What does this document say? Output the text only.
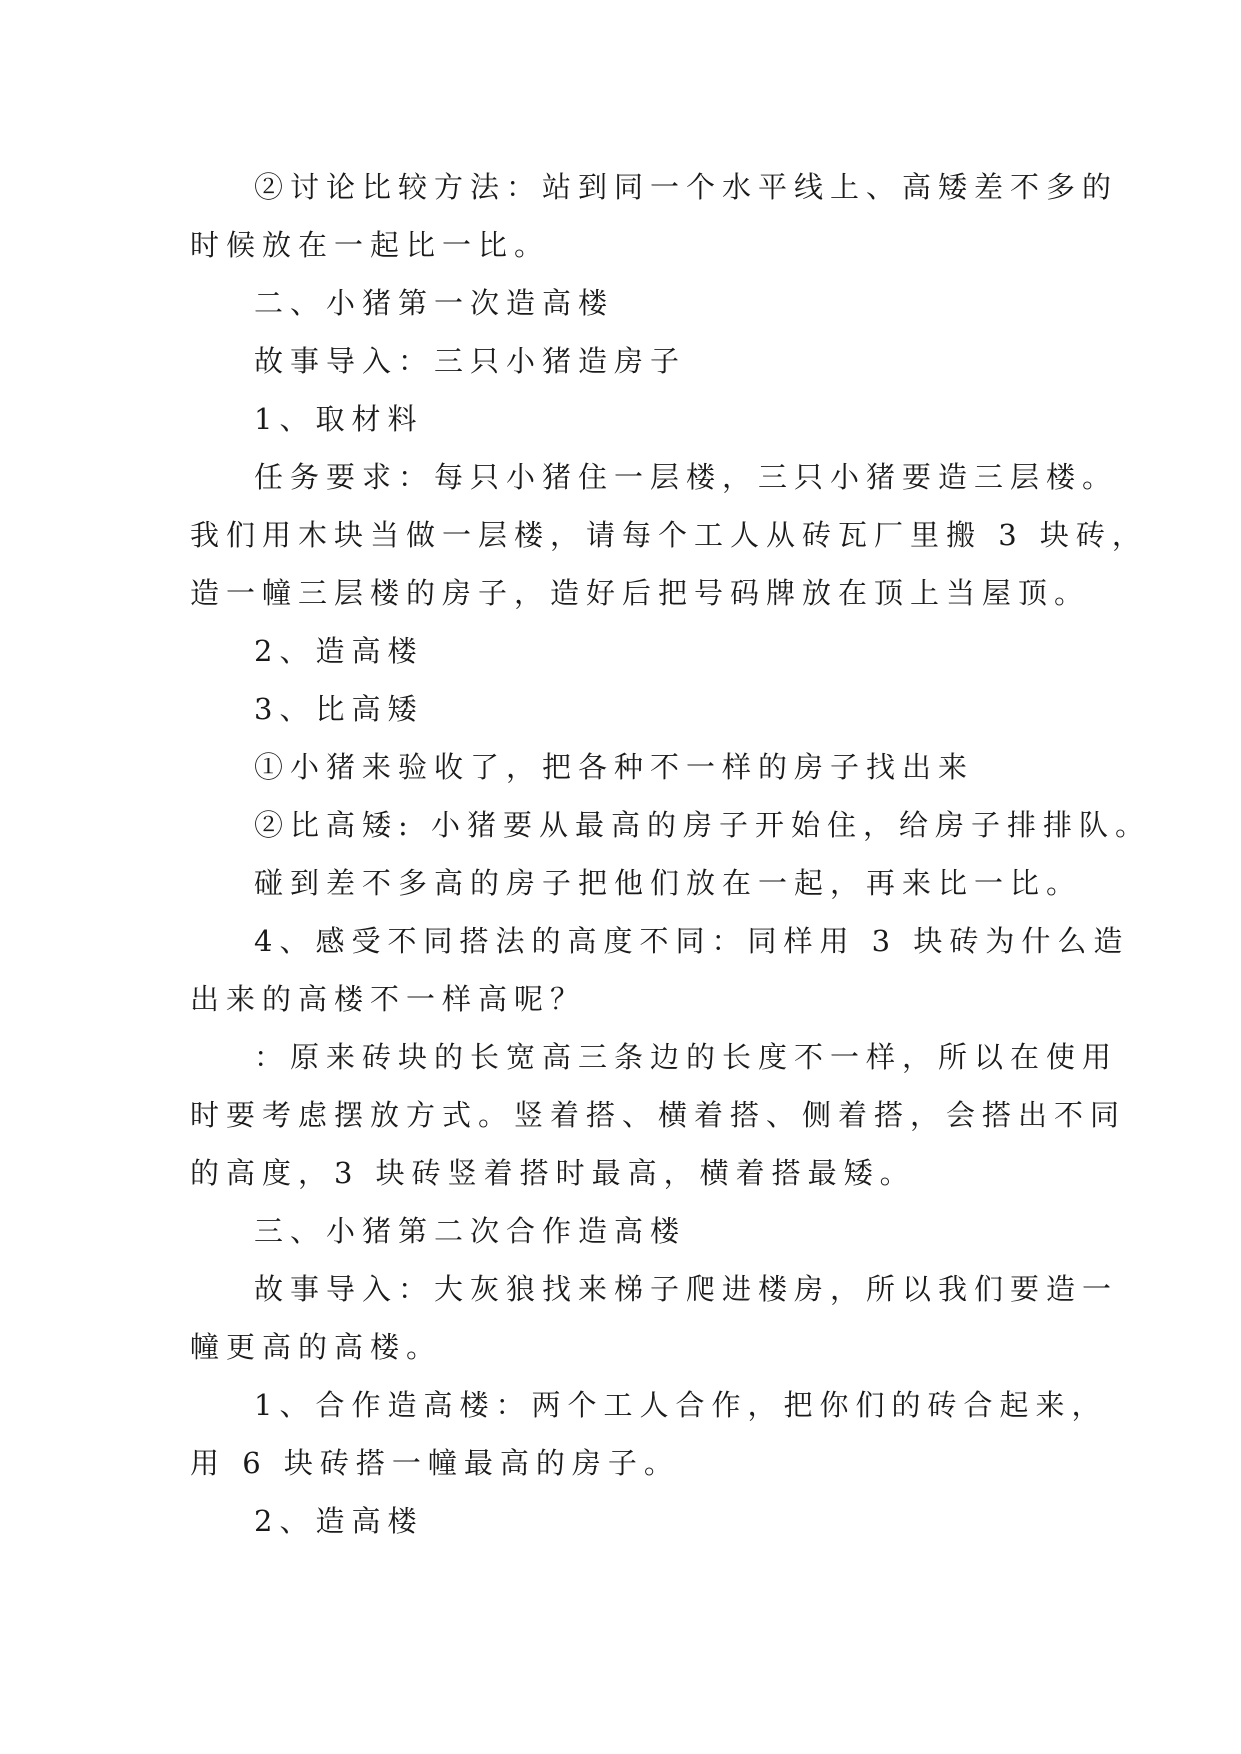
②讨论比较方法：站到同一个水平线上、高矮差不多的
时候放在一起比一比。
二、小猪第一次造高楼
故事导入：三只小猪造房子
1、取材料
任务要求：每只小猪住一层楼，三只小猪要造三层楼。
我们用木块当做一层楼，请每个工人从砖瓦厂里搬 3 块砖，
造一幢三层楼的房子，造好后把号码牌放在顶上当屋顶。
2、造高楼
3、比高矮
①小猪来验收了，把各种不一样的房子找出来
②比高矮: 小猪要从最高的房子开始住，给房子排排队。
碰到差不多高的房子把他们放在一起，再来比一比。
4、感受不同搭法的高度不同：同样用 3 块砖为什么造
出来的高楼不一样高呢？
：原来砖块的长宽高三条边的长度不一样，所以在使用
时要考虑摆放方式。竖着搭、横着搭、侧着搭，会搭出不同
的高度，3 块砖竖着搭时最高，横着搭最矮。
三、小猪第二次合作造高楼
故事导入：大灰狼找来梯子爬进楼房，所以我们要造一
幢更高的高楼。
1、合作造高楼：两个工人合作，把你们的砖合起来，
用 6 块砖搭一幢最高的房子。
2、造高楼
